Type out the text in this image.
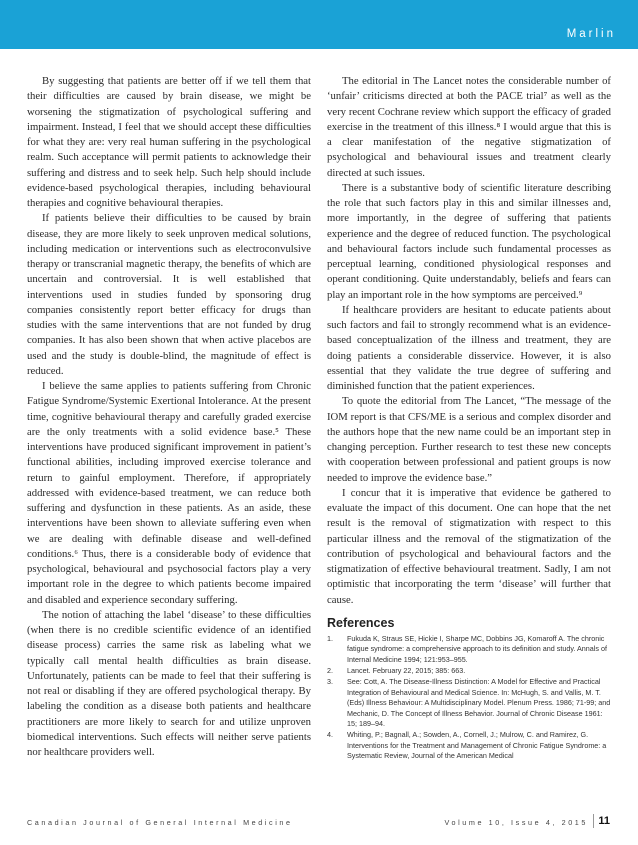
Marlin

By suggesting that patients are better off if we tell them that their difficulties are caused by brain disease, we might be worsening the stigmatization of psychological suffering and impairment. Instead, I feel that we should accept these difficulties for what they are: very real human suffering in the psychological realm. Such acceptance will permit patients to acknowledge their suffering and distress and to seek help. Such help should include evidence-based psychological therapies, including behavioural therapies and cognitive behavioural therapies.

If patients believe their difficulties to be caused by brain disease, they are more likely to seek unproven medical solutions, including medication or interventions such as electroconvulsive therapy or transcranial magnetic therapy, the benefits of which are uncertain and controversial. It is well established that interventions used in studies funded by sponsoring drug companies consistently report better efficacy for drugs than studies with the same interventions that are not funded by drug companies. It has also been shown that when active placebos are used and the study is double-blind, the magnitude of effect is reduced.

I believe the same applies to patients suffering from Chronic Fatigue Syndrome/Systemic Exertional Intolerance. At the present time, cognitive behavioural therapy and carefully graded exercise are the only treatments with a solid evidence base.⁵ These interventions have produced significant improvement in patient’s functional abilities, including improved exercise tolerance and return to gainful employment. Therefore, if appropriately addressed with evidence-based treatment, we can reduce both suffering and dysfunction in these patients. As an aside, these interventions have been shown to alleviate suffering even when we are dealing with definable disease and well-defined conditions.⁶ Thus, there is a considerable body of evidence that psychological, behavioural and psychosocial factors play a very important role in the degree to which patients become impaired and disabled and experience secondary suffering.

The notion of attaching the label ‘disease’ to these difficulties (when there is no credible scientific evidence of an identified disease process) carries the same risk as labeling what we typically call mental health difficulties as brain disease. Unfortunately, patients can be made to feel that their suffering is not real or disabling if they are offered psychological therapy. By labeling the condition as a disease both patients and healthcare practitioners are more likely to search for and utilize unproven biomedical interventions. Such effects will neither serve patients nor healthcare providers well.

The editorial in The Lancet notes the considerable number of ‘unfair’ criticisms directed at both the PACE trial⁷ as well as the very recent Cochrane review which support the efficacy of graded exercise in the treatment of this illness.⁸ I would argue that this is a clear manifestation of the negative stigmatization of psychological and behavioural issues and treatment clearly directed at such issues.

There is a substantive body of scientific literature describing the role that such factors play in this and similar illnesses and, more importantly, in the degree of suffering that patients experience and the degree of reduced function. The psychological and behavioural factors include such fundamental processes as perceptual learning, conditioned physiological responses and operant conditioning. Quite understandably, beliefs and fears can play an important role in the how symptoms are perceived.⁹

If healthcare providers are hesitant to educate patients about such factors and fail to strongly recommend what is an evidence-based conceptualization of the illness and treatment, they are doing patients a considerable disservice. However, it is also essential that they validate the true degree of suffering and diminished function that the patient experiences.

To quote the editorial from The Lancet, “The message of the IOM report is that CFS/ME is a serious and complex disorder and the authors hope that the new name could be an important step in changing perception. Further research to test these new concepts with cooperation between professional and patient groups is now needed to improve the evidence base.”

I concur that it is imperative that evidence be gathered to evaluate the impact of this document. One can hope that the net result is the removal of stigmatization with respect to this particular illness and the removal of the stigmatization of the contribution of psychological and behavioural factors and the stigmatization of effective behavioural treatment. Sadly, I am not optimistic that incorporating the term ‘disease’ will further that cause.

References
1. Fukuda K, Straus SE, Hickie I, Sharpe MC, Dobbins JG, Komaroff A. The chronic fatigue syndrome: a comprehensive approach to its definition and study. Annals of Internal Medicine 1994; 121:953–955.
2. Lancet. February 22, 2015; 385: 663.
3. See: Cott, A. The Disease-Illness Distinction: A Model for Effective and Practical Integration of Behavioural and Medical Science. In: McHugh, S. and Vallis, M. T. (Eds) Illness Behaviour: A Multidisciplinary Model. Plenum Press. 1986; 71-99; and Mechanic, D. The Concept of Illness Behavior. Journal of Chronic Disease 1961: 15; 189–94.
4. Whiting, P.; Bagnall, A.; Sowden, A., Cornell, J.; Mulrow, C. and Ramirez, G. Interventions for the Treatment and Management of Chronic Fatigue Syndrome: a Systematic Review, Journal of the American Medical
Canadian Journal of General Internal Medicine	Volume 10, Issue 4, 2015 11
